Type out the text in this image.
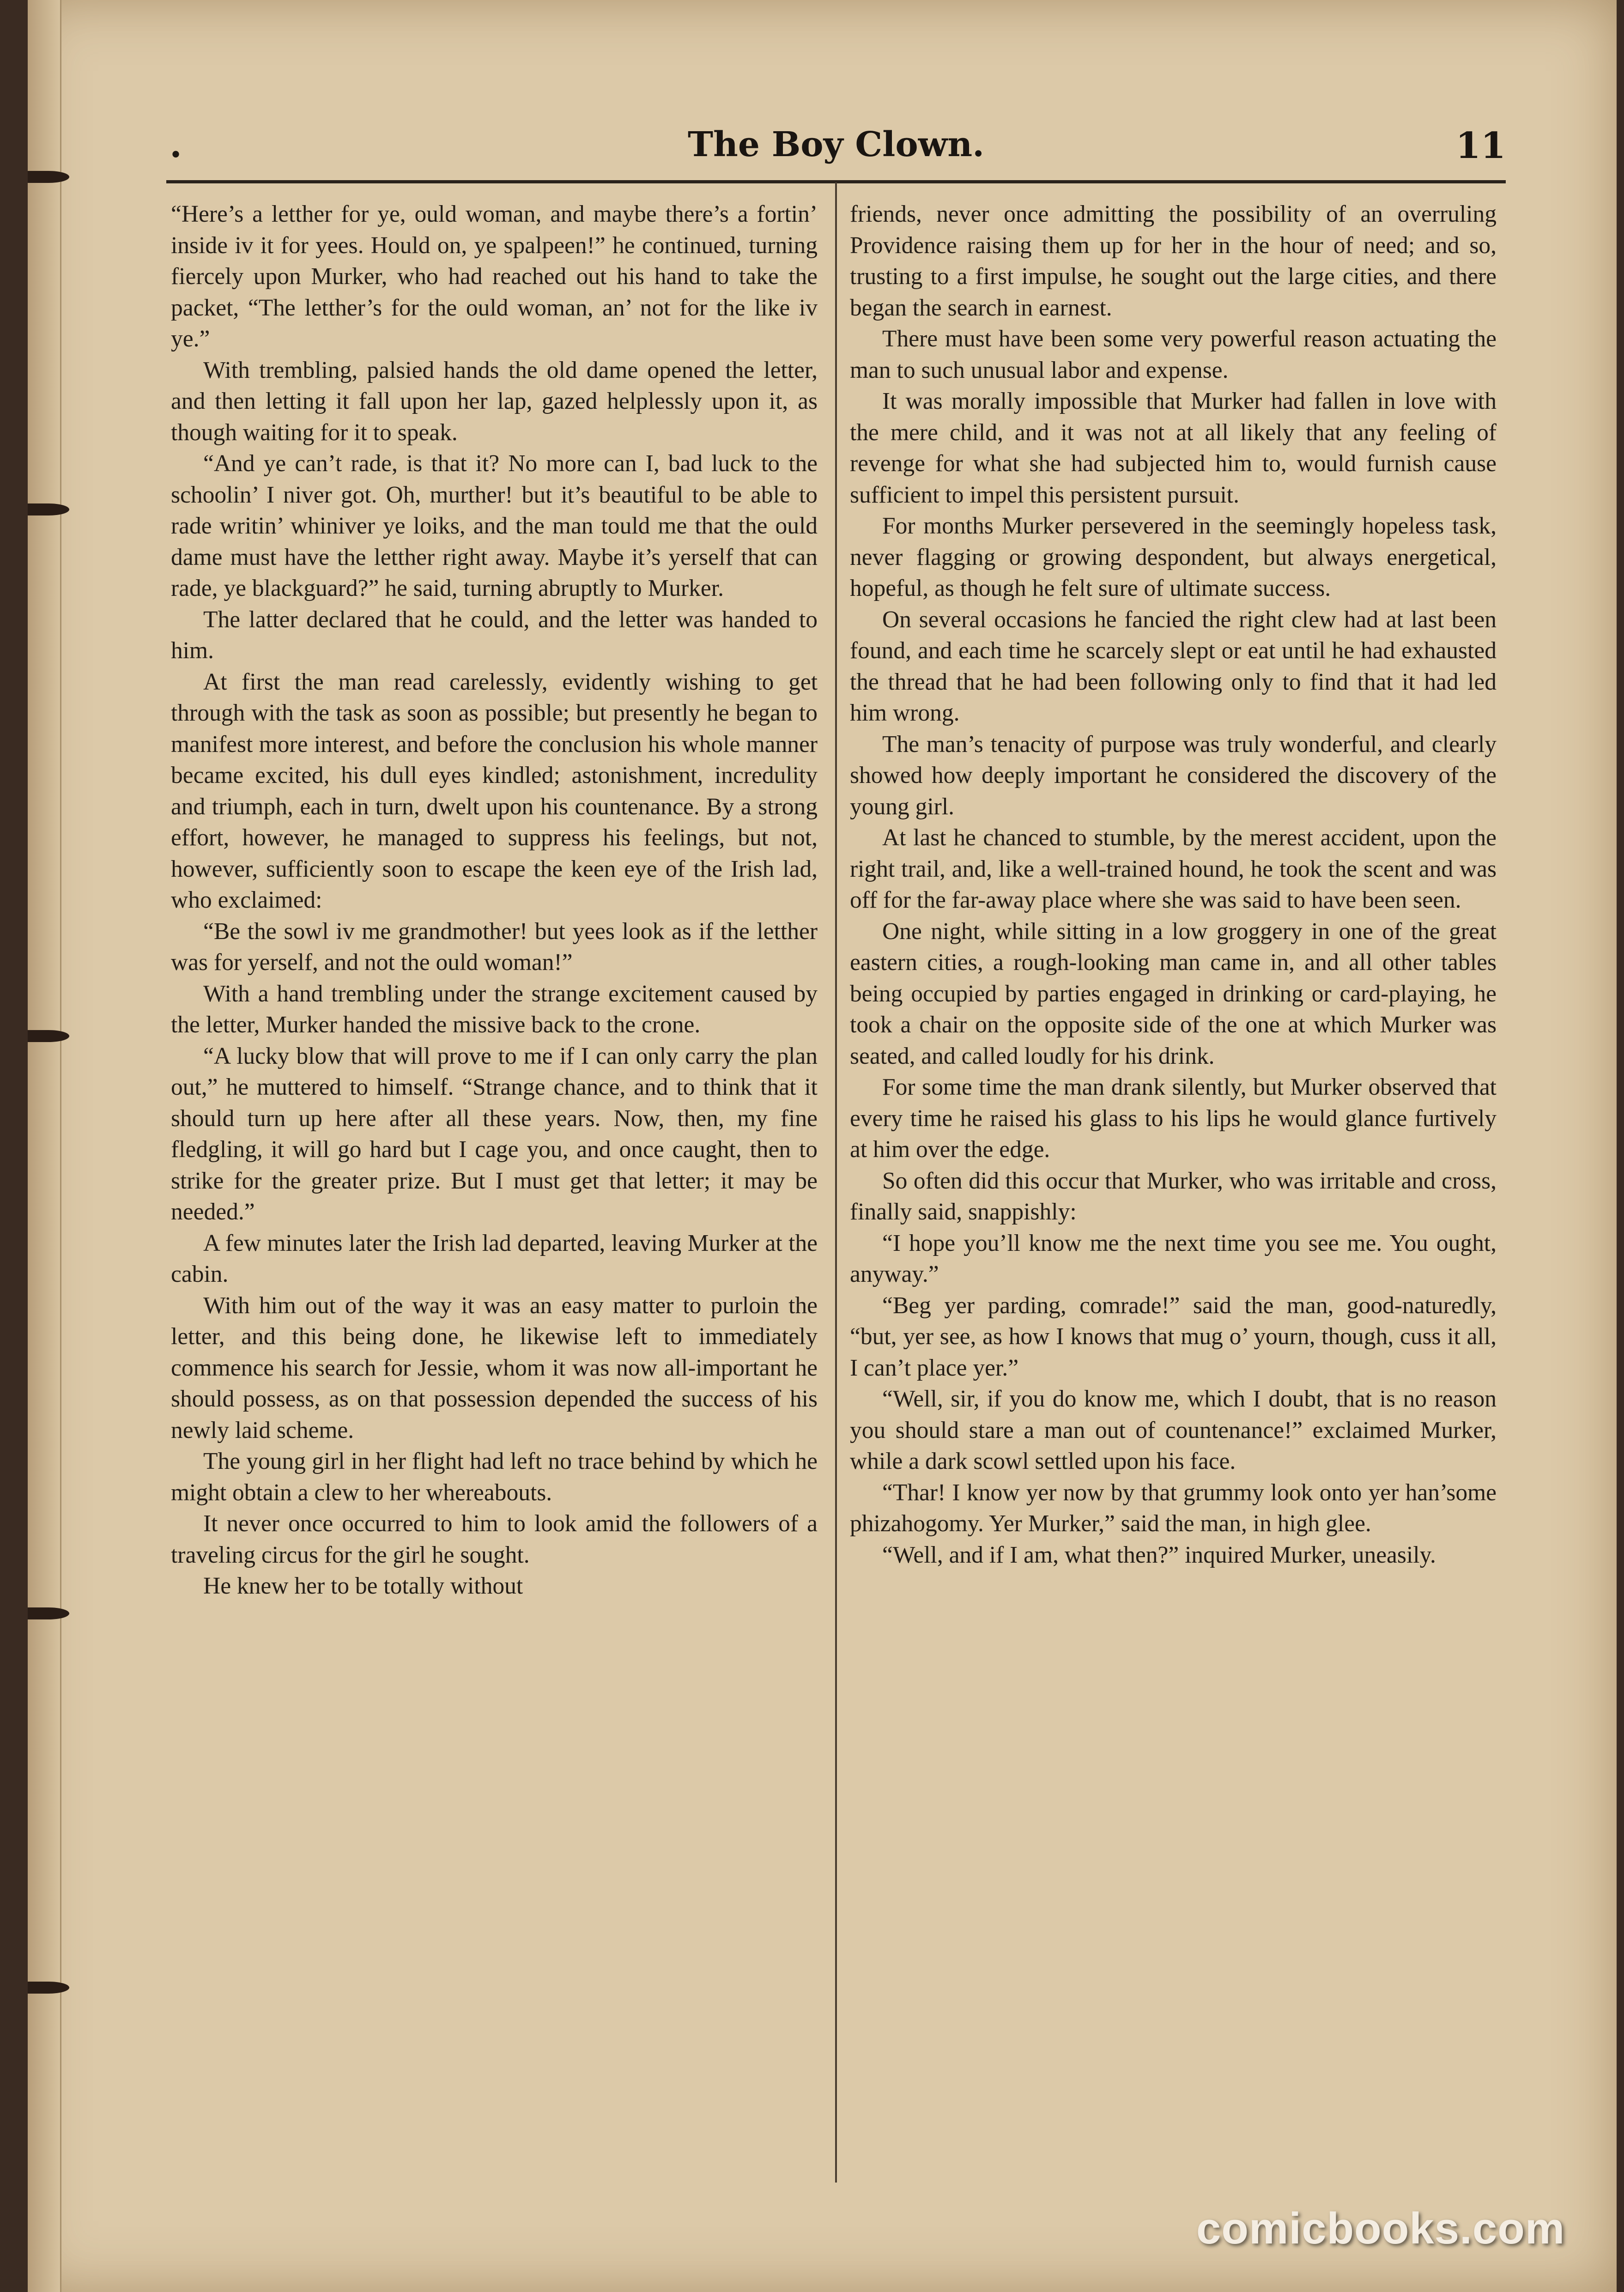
•	The Boy Clown.	11

“Here’s a letther for ye, ould woman, and maybe there’s a fortin’ inside iv it for yees. Hould on, ye spalpeen!” he continued, turning fiercely upon Murker, who had reached out his hand to take the packet, “The letther’s for the ould woman, an’ not for the like iv ye.”

With trembling, palsied hands the old dame opened the letter, and then letting it fall upon her lap, gazed helplessly upon it, as though waiting for it to speak.

“And ye can’t rade, is that it? No more can I, bad luck to the schoolin’ I niver got. Oh, murther! but it’s beautiful to be able to rade writin’ whiniver ye loiks, and the man tould me that the ould dame must have the letther right away. Maybe it’s yerself that can rade, ye blackguard?” he said, turning abruptly to Murker.

The latter declared that he could, and the letter was handed to him.

At first the man read carelessly, evidently wishing to get through with the task as soon as possible; but presently he began to manifest more interest, and before the conclusion his whole manner became excited, his dull eyes kindled; astonishment, incredulity and triumph, each in turn, dwelt upon his countenance. By a strong effort, however, he managed to suppress his feelings, but not, however, sufficiently soon to escape the keen eye of the Irish lad, who exclaimed:

“Be the sowl iv me grandmother! but yees look as if the letther was for yerself, and not the ould woman!”

With a hand trembling under the strange excitement caused by the letter, Murker handed the missive back to the crone.

“A lucky blow that will prove to me if I can only carry the plan out,” he muttered to himself. “Strange chance, and to think that it should turn up here after all these years. Now, then, my fine fledgling, it will go hard but I cage you, and once caught, then to strike for the greater prize. But I must get that letter; it may be needed.”

A few minutes later the Irish lad departed, leaving Murker at the cabin.

With him out of the way it was an easy matter to purloin the letter, and this being done, he likewise left to immediately commence his search for Jessie, whom it was now all-important he should possess, as on that possession depended the success of his newly laid scheme.

The young girl in her flight had left no trace behind by which he might obtain a clew to her whereabouts.

It never once occurred to him to look amid the followers of a traveling circus for the girl he sought.

He knew her to be totally without

friends, never once admitting the possibility of an overruling Providence raising them up for her in the hour of need; and so, trusting to a first impulse, he sought out the large cities, and there began the search in earnest.

There must have been some very powerful reason actuating the man to such unusual labor and expense.

It was morally impossible that Murker had fallen in love with the mere child, and it was not at all likely that any feeling of revenge for what she had subjected him to, would furnish cause sufficient to impel this persistent pursuit.

For months Murker persevered in the seemingly hopeless task, never flagging or growing despondent, but always energetical, hopeful, as though he felt sure of ultimate success.

On several occasions he fancied the right clew had at last been found, and each time he scarcely slept or eat until he had exhausted the thread that he had been following only to find that it had led him wrong.

The man’s tenacity of purpose was truly wonderful, and clearly showed how deeply important he considered the discovery of the young girl.

At last he chanced to stumble, by the merest accident, upon the right trail, and, like a well-trained hound, he took the scent and was off for the far-away place where she was said to have been seen.

One night, while sitting in a low groggery in one of the great eastern cities, a rough-looking man came in, and all other tables being occupied by parties engaged in drinking or card-playing, he took a chair on the opposite side of the one at which Murker was seated, and called loudly for his drink.

For some time the man drank silently, but Murker observed that every time he raised his glass to his lips he would glance furtively at him over the edge.

So often did this occur that Murker, who was irritable and cross, finally said, snappishly:

“I hope you’ll know me the next time you see me. You ought, anyway.”

“Beg yer parding, comrade!” said the man, good-naturedly, “but, yer see, as how I knows that mug o’ yourn, though, cuss it all, I can’t place yer.”

“Well, sir, if you do know me, which I doubt, that is no reason you should stare a man out of countenance!” exclaimed Murker, while a dark scowl settled upon his face.

“Thar! I know yer now by that grummy look onto yer han’some phizahogomy. Yer Murker,” said the man, in high glee.

“Well, and if I am, what then?” inquired Murker, uneasily.

comicbooks.com
